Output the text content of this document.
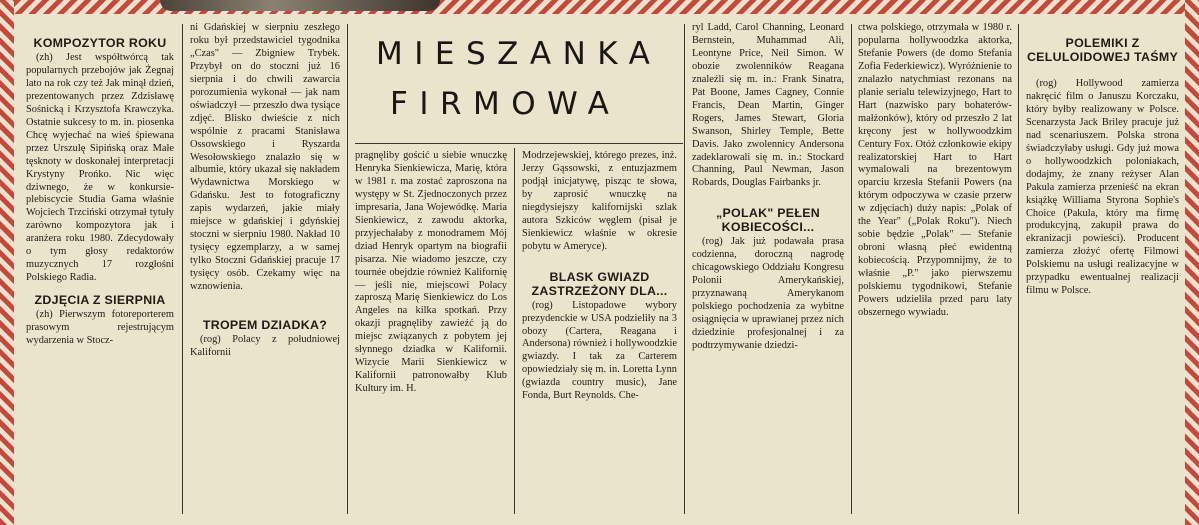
KOMPOZYTOR ROKU

(zh) Jest współtwórcą tak popularnych przebojów jak Żegnaj lato na rok czy też Jak minął dzień, prezentowanych przez Zdzisławę Sośnicką i Krzysztofa Krawczyka. Ostatnie sukcesy to m. in. piosenka Chcę wyjechać na wieś śpiewana przez Urszulę Sipińską oraz Małe tęsknoty w doskonałej interpretacji Krystyny Prońko. Nic więc dziwnego, że w konkursie-plebiscycie Studia Gama właśnie Wojciech Trzciński otrzymał tytuły zarówno kompozytora jak i aranżera roku 1980. Zdecydowały o tym głosy redaktorów muzycznych 17 rozgłośni Polskiego Radia.

ZDJĘCIA Z SIERPNIA

(zh) Pierwszym fotoreporterem prasowym rejestrującym wydarzenia w Stocz-

ni Gdańskiej w sierpniu zeszłego roku był przedstawiciel tygodnika „Czas" — Zbigniew Trybek. Przybył on do stoczni już 16 sierpnia i do chwili zawarcia porozumienia wykonał — jak nam oświadczył — przeszło dwa tysiące zdjęć. Blisko dwieście z nich wspólnie z pracami Stanisława Ossowskiego i Ryszarda Wesołowskiego znalazło się w albumie, który ukazał się nakładem Wydawnictwa Morskiego w Gdańsku. Jest to fotograficzny zapis wydarzeń, jakie miały miejsce w gdańskiej i gdyńskiej stoczni w sierpniu 1980. Nakład 10 tysięcy egzemplarzy, a w samej tylko Stoczni Gdańskiej pracuje 17 tysięcy osób. Czekamy więc na wznowienia.

TROPEM DZIADKA?

(rog) Polacy z południowej Kalifornii

MIESZANKA
FIRMOWA

pragnęliby gościć u siebie wnuczkę Henryka Sienkiewicza, Marię, która w 1981 r. ma zostać zaproszona na występy w St. Zjednoczonych przez impresaria, Jana Wojewódkę. Maria Sienkiewicz, z zawodu aktorka, przyjechałaby z monodramem Mój dziad Henryk opartym na biografii pisarza. Nie wiadomo jeszcze, czy tournée obejdzie również Kalifornię — jeśli nie, miejscowi Polacy zaproszą Marię Sienkiewicz do Los Angeles na kilka spotkań. Przy okazji pragnęliby zawieźć ją do miejsc związanych z pobytem jej słynnego dziadka w Kalifornii. Wizycie Marii Sienkiewicz w Kalifornii patronowałby Klub Kultury im. H.

Modrzejewskiej, którego prezes, inż. Jerzy Gąssowski, z entuzjazmem podjął inicjatywę, pisząc te słowa, by zaprosić wnuczkę na niegdysiejszy kalifornijski szlak autora Szkiców węglem (pisał je Sienkiewicz właśnie w okresie pobytu w Ameryce).

BLASK GWIAZD ZASTRZEŻONY DLA...

(rog) Listopadowe wybory prezydenckie w USA podzieliły na 3 obozy (Cartera, Reagana i Andersona) również i hollywoodzkie gwiazdy. I tak za Carterem opowiedziały się m. in. Loretta Lynn (gwiazda country music), Jane Fonda, Burt Reynolds. Che-

ryl Ladd, Carol Channing, Leonard Bernstein, Muhammad Ali, Leontyne Price, Neil Simon. W obozie zwolenników Reagana znaleźli się m. in.: Frank Sinatra, Pat Boone, James Cagney, Connie Francis, Dean Martin, Ginger Rogers, James Stewart, Gloria Swanson, Shirley Temple, Bette Davis. Jako zwolennicy Andersona zadeklarowali się m. in.: Stockard Channing, Paul Newman, Jason Robards, Douglas Fairbanks jr.

„POLAK" PEŁEN KOBIECOŚCI...

(rog) Jak już podawała prasa codzienna, doroczną nagrodę chicagowskiego Oddziału Kongresu Polonii Amerykańskiej, przyznawaną Amerykanom polskiego pochodzenia za wybitne osiągnięcia w uprawianej przez nich dziedzinie profesjonalnej i za podtrzymywanie dziedzi-

ctwa polskiego, otrzymała w 1980 r. popularna hollywoodzka aktorka, Stefanie Powers (de domo Stefania Zofia Federkiewicz). Wyróżnienie to znalazło natychmiast rezonans na planie serialu telewizyjnego, Hart to Hart (nazwisko pary bohaterów-małżonków), który od przeszło 2 lat kręcony jest w hollywoodzkim Century Fox. Otóż członkowie ekipy realizatorskiej Hart to Hart wymalowali na brezentowym oparciu krzesła Stefanii Powers (na którym odpoczywa w czasie przerw w zdjęciach) duży napis: „Polak of the Year" („Polak Roku"). Niech sobie będzie „Polak" — Stefanie obroni własną płeć ewidentną kobiecością. Przypomnijmy, że to właśnie „P." jako pierwszemu polskiemu tygodnikowi, Stefanie Powers udzieliła przed paru laty obszernego wywiadu.

POLEMIKI Z CELULOIDOWEJ TAŚMY

(rog) Hollywood zamierza nakręcić film o Januszu Korczaku, który byłby realizowany w Polsce. Scenarzysta Jack Briley pracuje już nad scenariuszem. Polska strona świadczyłaby usługi. Gdy już mowa o hollywoodzkich poloniakach, dodajmy, że znany reżyser Alan Pakula zamierza przenieść na ekran książkę Williama Styrona Sophie's Choice (Pakula, który ma firmę produkcyjną, zakupił prawa do ekranizacji powieści). Producent zamierza złożyć ofertę Filmowi Polskiemu na usługi realizacyjne w przypadku ewentualnej realizacji filmu w Polsce.
